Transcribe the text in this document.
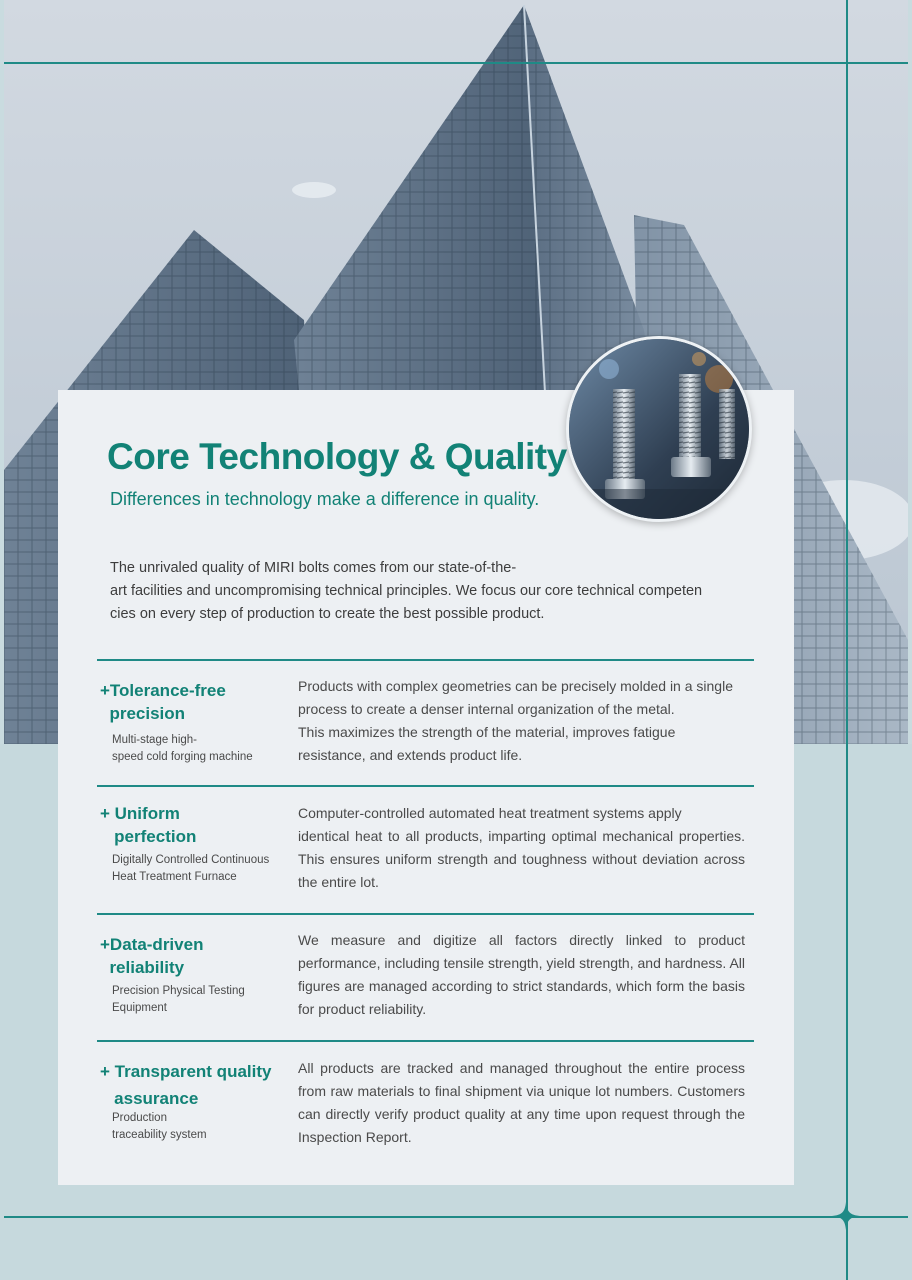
Core Technology & Quality
Differences in technology make a difference in quality.
The unrivaled quality of MIRI bolts comes from our state-of-the-
art facilities and uncompromising technical principles. We focus our core technical competen
cies on every step of production to create the best possible product.
+Tolerance-free
precision
Multi-stage high-
speed cold forging machine
Products with complex geometries can be precisely molded in a single
process to create a denser internal organization of the metal.
This maximizes the strength of the material, improves fatigue
resistance, and extends product life.
+ Uniform
perfection
Digitally Controlled Continuous
Heat Treatment Furnace
Computer-controlled automated heat treatment systems apply
identical heat to all products, imparting optimal mechanical properties.
This ensures uniform strength and toughness without deviation across
the entire lot.
+Data-driven
reliability
Precision Physical Testing
Equipment
We measure and digitize all factors directly linked to product
performance, including tensile strength, yield strength, and hardness. All
figures are managed according to strict standards, which form the basis
for product reliability.
+ Transparent quality
assurance
Production
traceability system
All products are tracked and managed throughout the entire process
from raw materials to final shipment via unique lot numbers. Customers
can directly verify product quality at any time upon request through the
Inspection Report.
